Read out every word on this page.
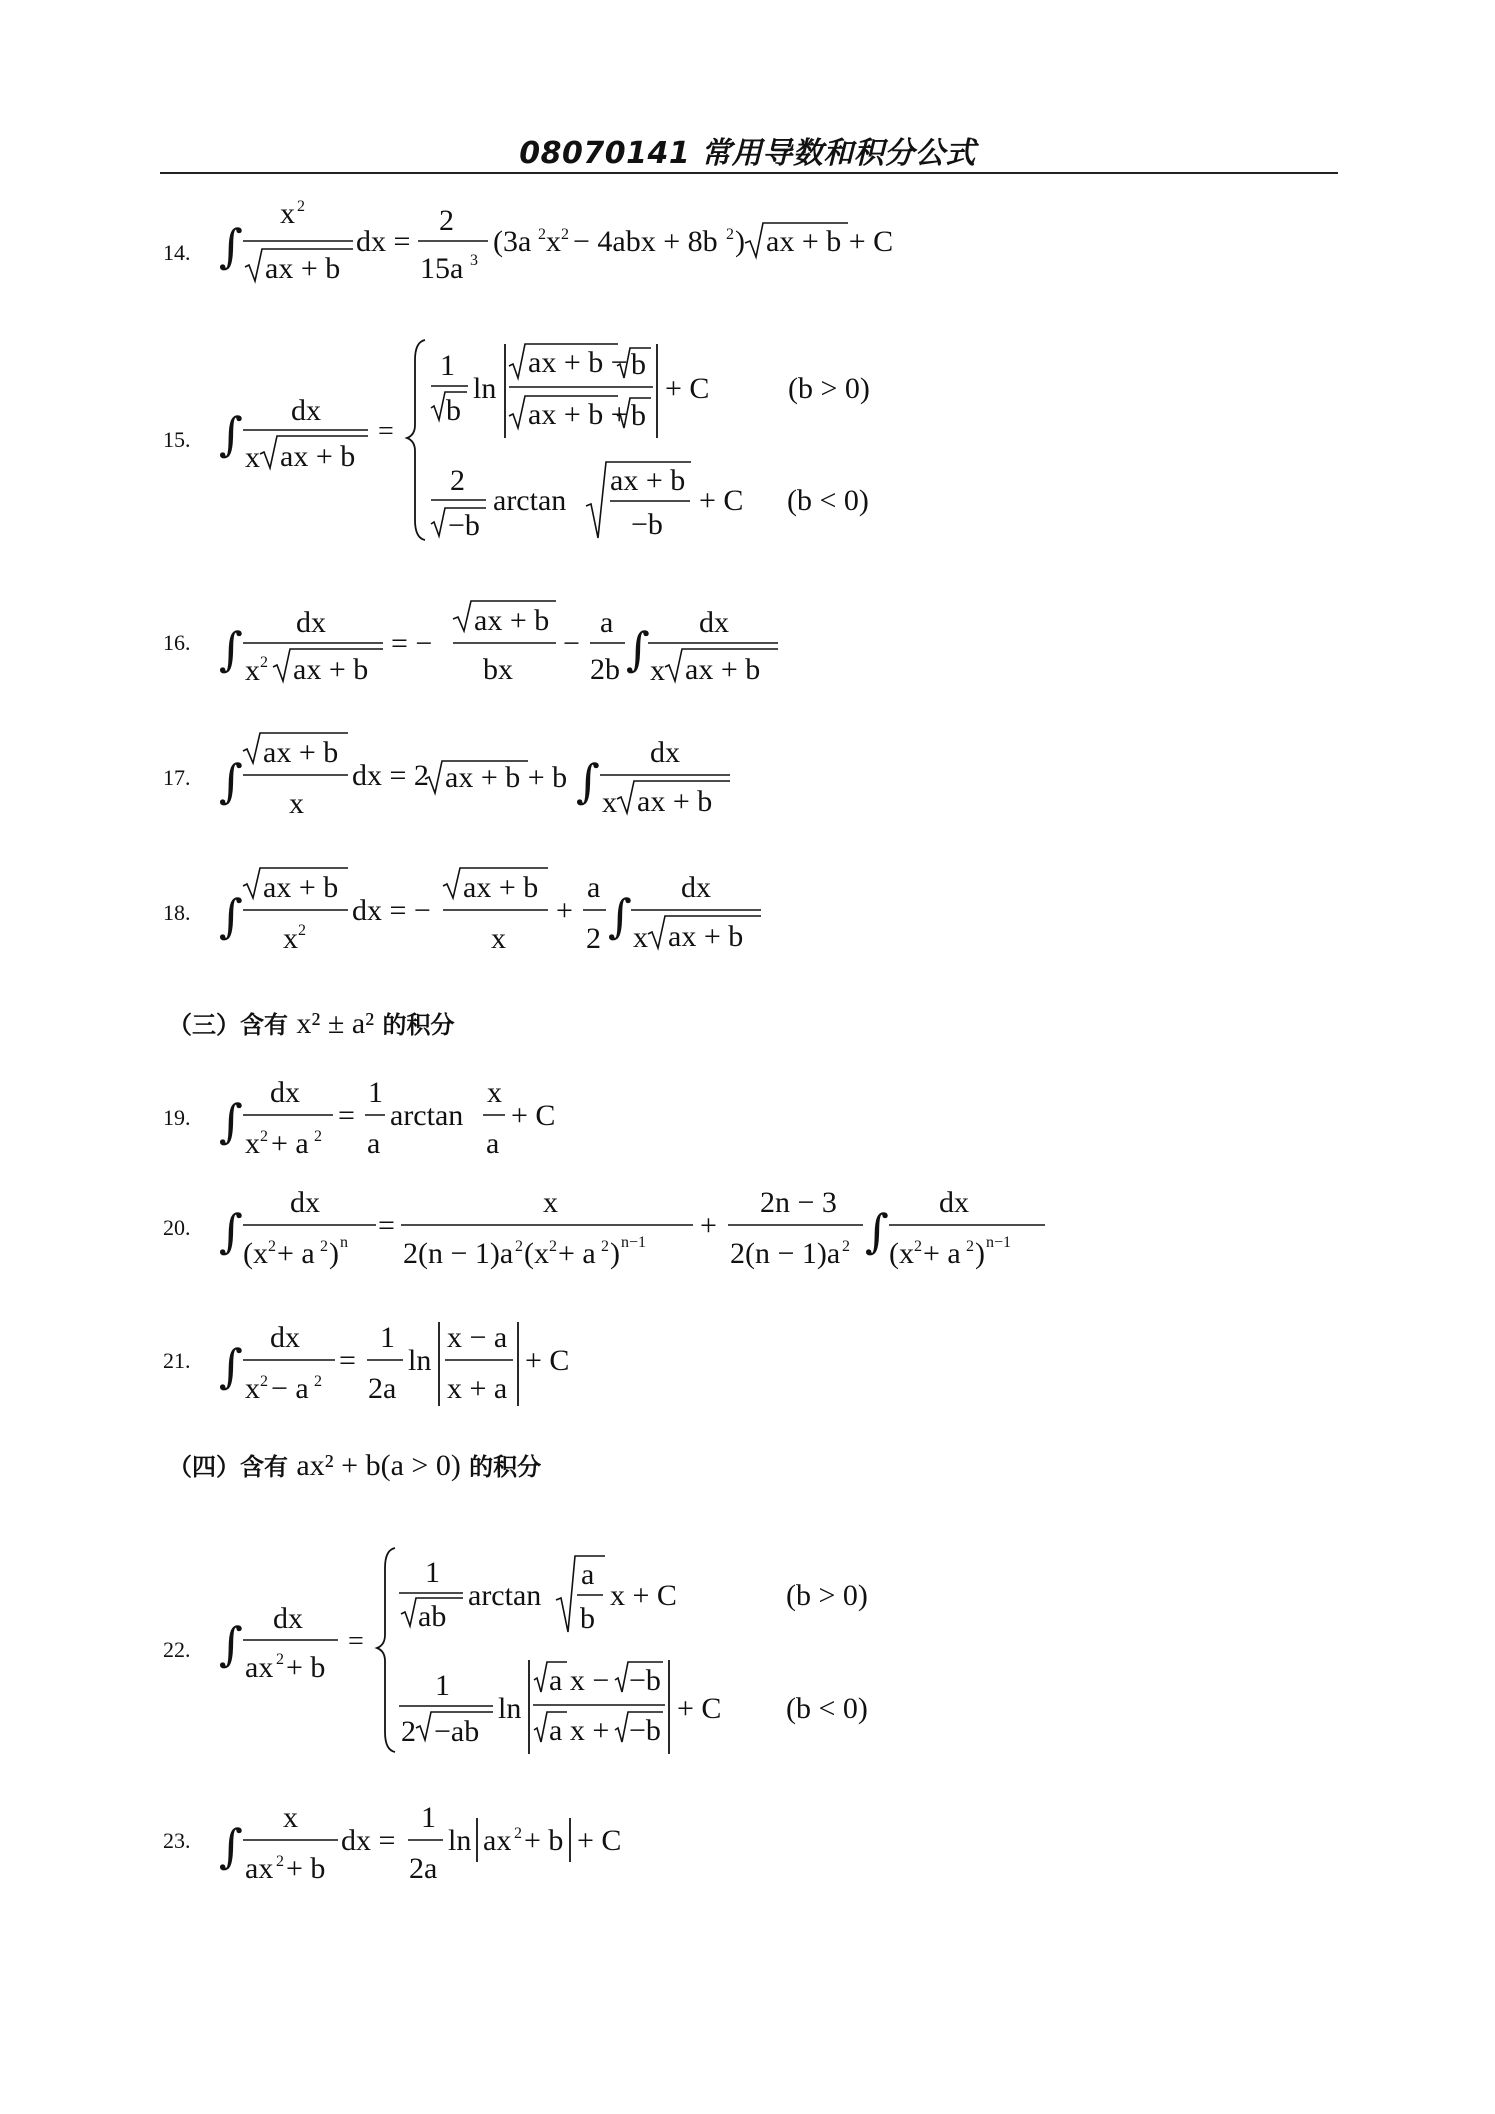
08070141 常用导数和积分公式
14. ∫
x 2
ax + b
dx =
2
15a 3
(3a 2 x 2 − 4abx + 8b 2 ) ax + b + C
15. ∫ dx
x ax + b
=
1
b
ln
ax + b − b
ax + b + b
+ C	(b > 0)
2
−b
arctan
ax + b
−b
+ C (b < 0)
16. ∫ dx
x 2 ax + b
= −
ax + b
bx
−
a
2b ∫ dx
x ax + b
17. ∫
ax + b
x
dx = 2 ax + b + b ∫
dx
x ax + b
18. ∫
ax + b
x 2
dx = −
ax + b
x
+
a
2 ∫
dx
x ax + b
（三）含有 x² ± a² 的积分
19. ∫
dx
x 2 + a 2
=
1
a
arctan
x
a
+ C
20. ∫
dx
(x 2 + a 2 ) n
=
x
2(n − 1)a 2 (x 2 + a 2 ) n−1
+
2n − 3
2(n − 1)a 2 ∫
dx
(x 2 + a 2 ) n−1
21. ∫
dx
x 2 − a 2
=
1
2a
ln
x − a
x + a
+ C
（四）含有 ax² + b(a > 0) 的积分
22. ∫ dx
ax 2 + b
=
1
ab
arctan
a
b
x + C	(b > 0)
1
2 −ab
ln
a x − −b
a x + −b
+ C (b < 0)
23. ∫
x
ax 2 + b
dx =
1
2a
ln ax 2 + b + C
